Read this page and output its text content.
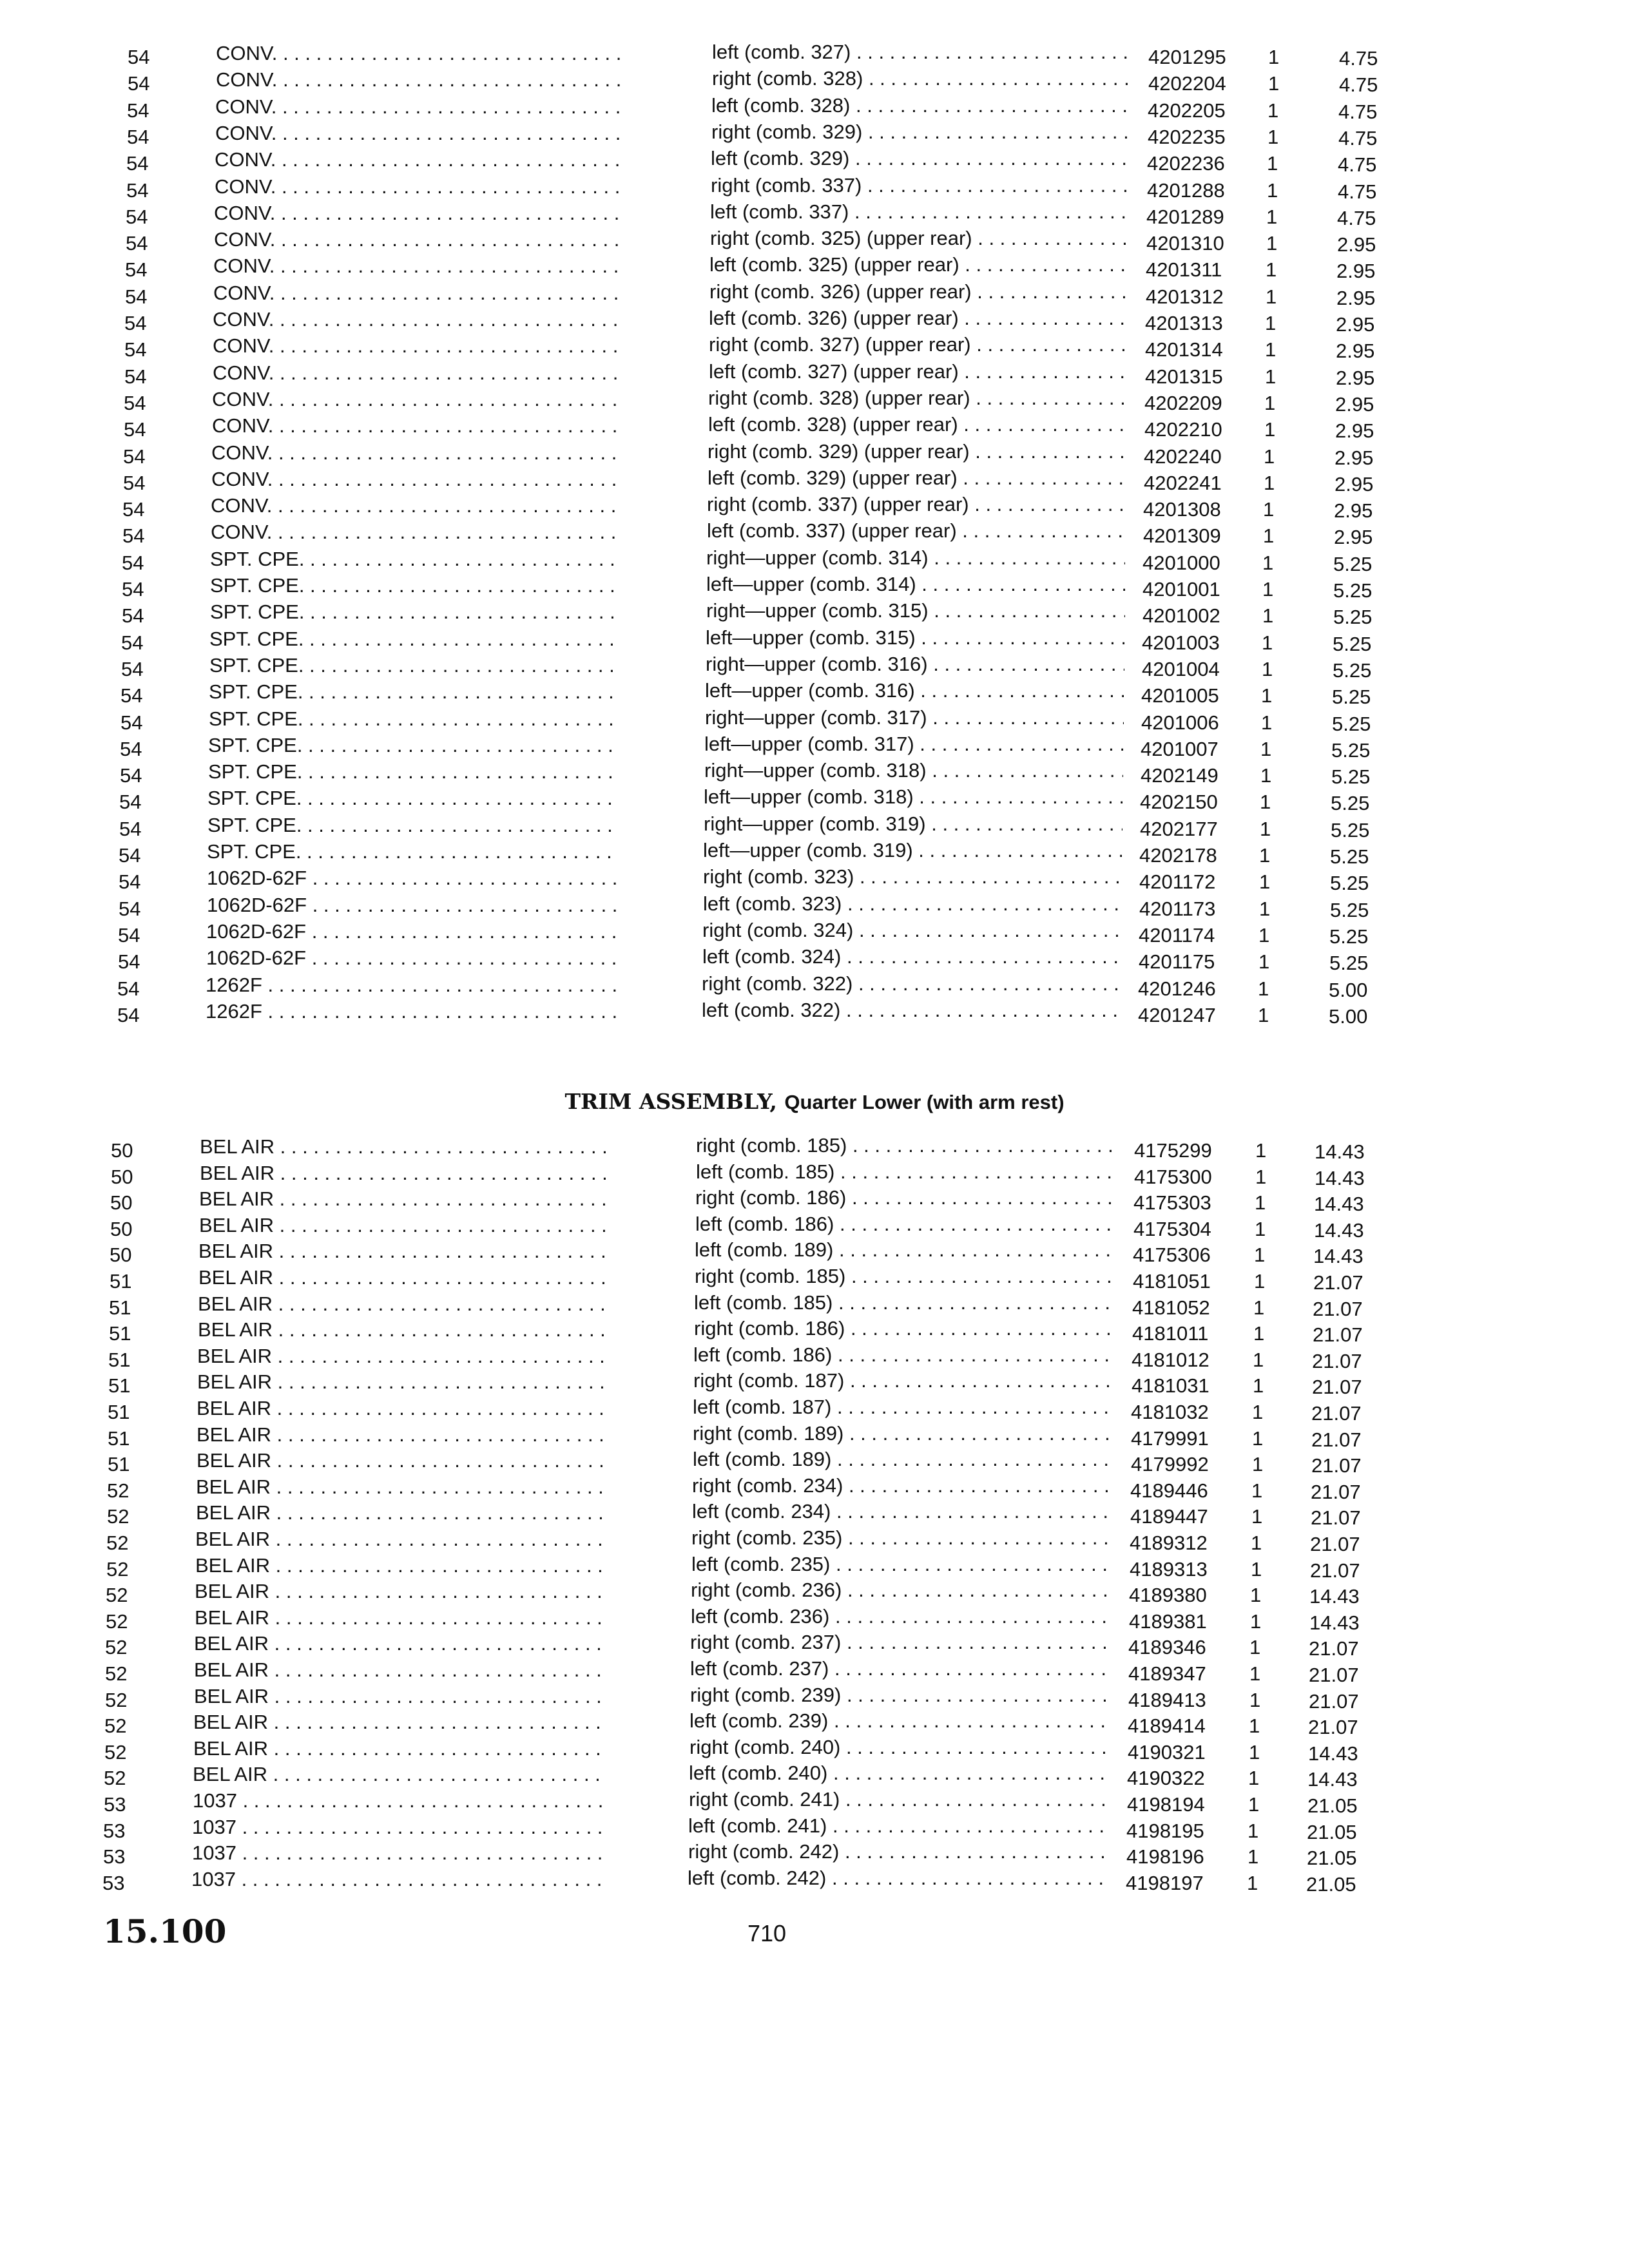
54	CONV. . . .	left (comb. 327) . . .	4201295	1	4.75
54	CONV. . . .	right (comb. 328) . . .	4202204	1	4.75
54	CONV. . . .	left (comb. 328) . . .	4202205	1	4.75
54	CONV. . . .	right (comb. 329) . . .	4202235	1	4.75
54	CONV. . . .	left (comb. 329) . . .	4202236	1	4.75
54	CONV. . . .	right (comb. 337) . . .	4201288	1	4.75
54	CONV. . . .	left (comb. 337) . . .	4201289	1	4.75
54	CONV. . . .	right (comb. 325) (upper rear) . . .	4201310	1	2.95
54	CONV. . . .	left (comb. 325) (upper rear) . . .	4201311	1	2.95
54	CONV. . . .	right (comb. 326) (upper rear) . . .	4201312	1	2.95
54	CONV. . . .	left (comb. 326) (upper rear) . . .	4201313	1	2.95
54	CONV. . . .	right (comb. 327) (upper rear) . . .	4201314	1	2.95
54	CONV. . . .	left (comb. 327) (upper rear) . . .	4201315	1	2.95
54	CONV. . . .	right (comb. 328) (upper rear) . . .	4202209	1	2.95
54	CONV. . . .	left (comb. 328) (upper rear) . . .	4202210	1	2.95
54	CONV. . . .	right (comb. 329) (upper rear) . . .	4202240	1	2.95
54	CONV. . . .	left (comb. 329) (upper rear) . . .	4202241	1	2.95
54	CONV. . . .	right (comb. 337) (upper rear) . . .	4201308	1	2.95
54	CONV. . . .	left (comb. 337) (upper rear) . . .	4201309	1	2.95
54	SPT. CPE. . . .	right—upper (comb. 314) . . .	4201000	1	5.25
54	SPT. CPE. . . .	left—upper (comb. 314) . . .	4201001	1	5.25
54	SPT. CPE. . . .	right—upper (comb. 315) . . .	4201002	1	5.25
54	SPT. CPE. . . .	left—upper (comb. 315) . . .	4201003	1	5.25
54	SPT. CPE. . . .	right—upper (comb. 316) . . .	4201004	1	5.25
54	SPT. CPE. . . .	left—upper (comb. 316) . . .	4201005	1	5.25
54	SPT. CPE. . . .	right—upper (comb. 317) . . .	4201006	1	5.25
54	SPT. CPE. . . .	left—upper (comb. 317) . . .	4201007	1	5.25
54	SPT. CPE. . . .	right—upper (comb. 318) . . .	4202149	1	5.25
54	SPT. CPE. . . .	left—upper (comb. 318) . . .	4202150	1	5.25
54	SPT. CPE. . . .	right—upper (comb. 319) . . .	4202177	1	5.25
54	SPT. CPE. . . .	left—upper (comb. 319) . . .	4202178	1	5.25
54	1062D-62F . . .	right (comb. 323) . . .	4201172	1	5.25
54	1062D-62F . . .	left (comb. 323) . . .	4201173	1	5.25
54	1062D-62F . . .	right (comb. 324) . . .	4201174	1	5.25
54	1062D-62F . . .	left (comb. 324) . . .	4201175	1	5.25
54	1262F . . .	right (comb. 322) . . .	4201246	1	5.00
54	1262F . . .	left (comb. 322) . . .	4201247	1	5.00
TRIM ASSEMBLY, Quarter Lower (with arm rest)
50	BEL AIR . . .	right (comb. 185) . . .	4175299	1	14.43
50	BEL AIR . . .	left (comb. 185) . . .	4175300	1	14.43
50	BEL AIR . . .	right (comb. 186) . . .	4175303	1	14.43
50	BEL AIR . . .	left (comb. 186) . . .	4175304	1	14.43
50	BEL AIR . . .	left (comb. 189) . . .	4175306	1	14.43
51	BEL AIR . . .	right (comb. 185) . . .	4181051	1	21.07
51	BEL AIR . . .	left (comb. 185) . . .	4181052	1	21.07
51	BEL AIR . . .	right (comb. 186) . . .	4181011	1	21.07
51	BEL AIR . . .	left (comb. 186) . . .	4181012	1	21.07
51	BEL AIR . . .	right (comb. 187) . . .	4181031	1	21.07
51	BEL AIR . . .	left (comb. 187) . . .	4181032	1	21.07
51	BEL AIR . . .	right (comb. 189) . . .	4179991	1	21.07
51	BEL AIR . . .	left (comb. 189) . . .	4179992	1	21.07
52	BEL AIR . . .	right (comb. 234) . . .	4189446	1	21.07
52	BEL AIR . . .	left (comb. 234) . . .	4189447	1	21.07
52	BEL AIR . . .	right (comb. 235) . . .	4189312	1	21.07
52	BEL AIR . . .	left (comb. 235) . . .	4189313	1	21.07
52	BEL AIR . . .	right (comb. 236) . . .	4189380	1	14.43
52	BEL AIR . . .	left (comb. 236) . . .	4189381	1	14.43
52	BEL AIR . . .	right (comb. 237) . . .	4189346	1	21.07
52	BEL AIR . . .	left (comb. 237) . . .	4189347	1	21.07
52	BEL AIR . . .	right (comb. 239) . . .	4189413	1	21.07
52	BEL AIR . . .	left (comb. 239) . . .	4189414	1	21.07
52	BEL AIR . . .	right (comb. 240) . . .	4190321	1	14.43
52	BEL AIR . . .	left (comb. 240) . . .	4190322	1	14.43
53	1037 . . .	right (comb. 241) . . .	4198194	1	21.05
53	1037 . . .	left (comb. 241) . . .	4198195	1	21.05
53	1037 . . .	right (comb. 242) . . .	4198196	1	21.05
53	1037 . . .	left (comb. 242) . . .	4198197	1	21.05
15.100	710
